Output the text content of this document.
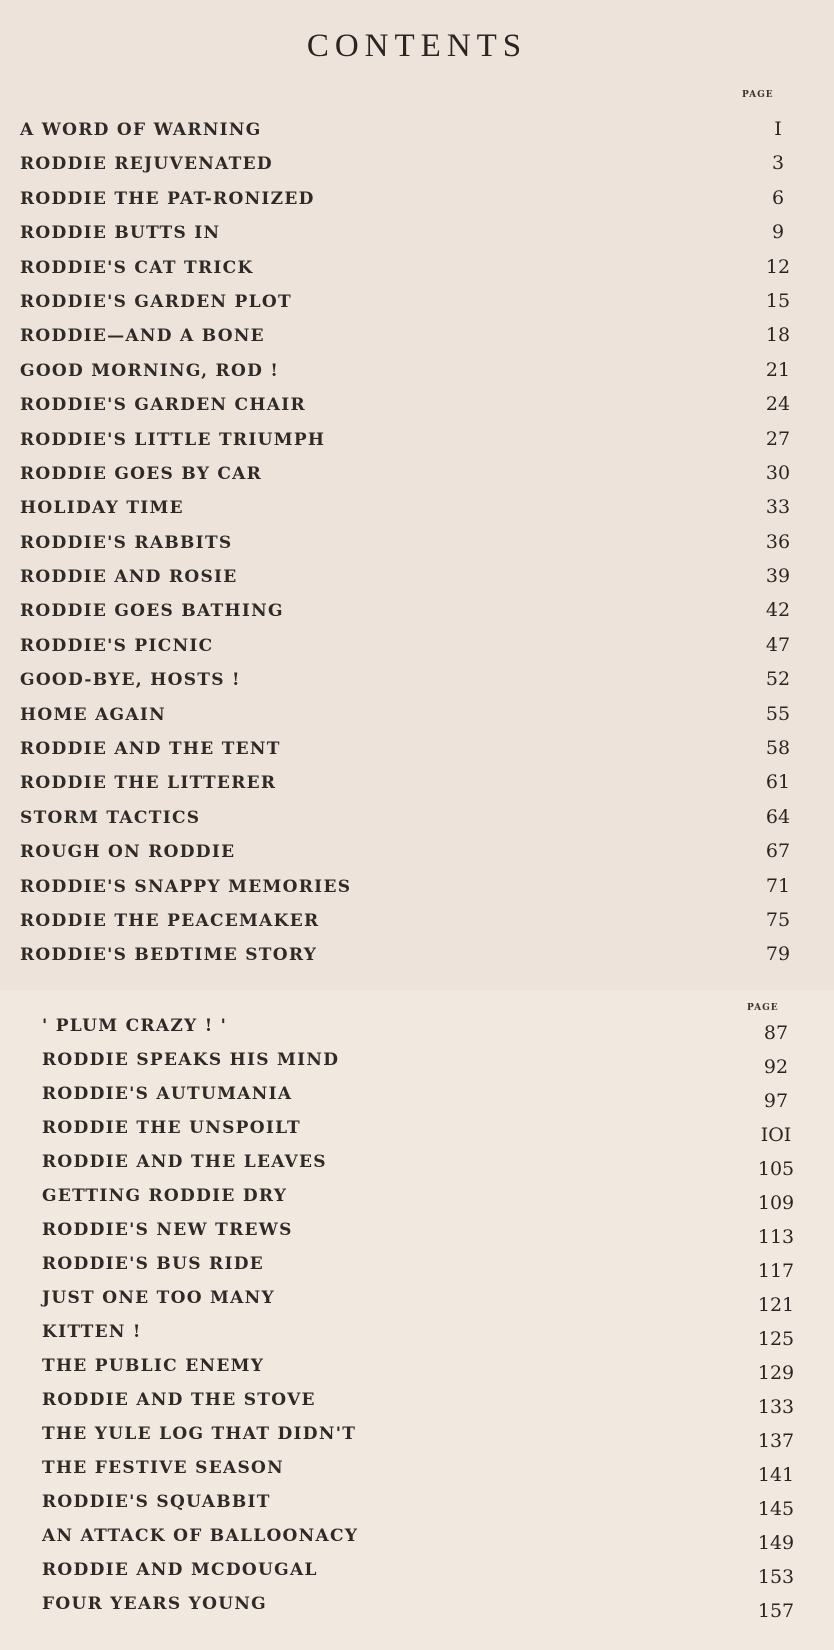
CONTENTS
PAGE
A WORD OF WARNING	I
RODDIE REJUVENATED	3
RODDIE THE PAT-RONIZED	6
RODDIE BUTTS IN	9
RODDIE'S CAT TRICK	12
RODDIE'S GARDEN PLOT	15
RODDIE—AND A BONE	18
GOOD MORNING, ROD !	21
RODDIE'S GARDEN CHAIR	24
RODDIE'S LITTLE TRIUMPH	27
RODDIE GOES BY CAR	30
HOLIDAY TIME	33
RODDIE'S RABBITS	36
RODDIE AND ROSIE	39
RODDIE GOES BATHING	42
RODDIE'S PICNIC	47
GOOD-BYE, HOSTS !	52
HOME AGAIN	55
RODDIE AND THE TENT	58
RODDIE THE LITTERER	61
STORM TACTICS	64
ROUGH ON RODDIE	67
RODDIE'S SNAPPY MEMORIES	71
RODDIE THE PEACEMAKER	75
RODDIE'S BEDTIME STORY	79
PAGE
' PLUM CRAZY ! '	87
RODDIE SPEAKS HIS MIND	92
RODDIE'S AUTUMANIA	97
RODDIE THE UNSPOILT	IOI
RODDIE AND THE LEAVES	105
GETTING RODDIE DRY	109
RODDIE'S NEW TREWS	113
RODDIE'S BUS RIDE	117
JUST ONE TOO MANY	121
KITTEN !	125
THE PUBLIC ENEMY	129
RODDIE AND THE STOVE	133
THE YULE LOG THAT DIDN'T	137
THE FESTIVE SEASON	141
RODDIE'S SQUABBIT	145
AN ATTACK OF BALLOONACY	149
RODDIE AND MCDOUGAL	153
FOUR YEARS YOUNG	157
